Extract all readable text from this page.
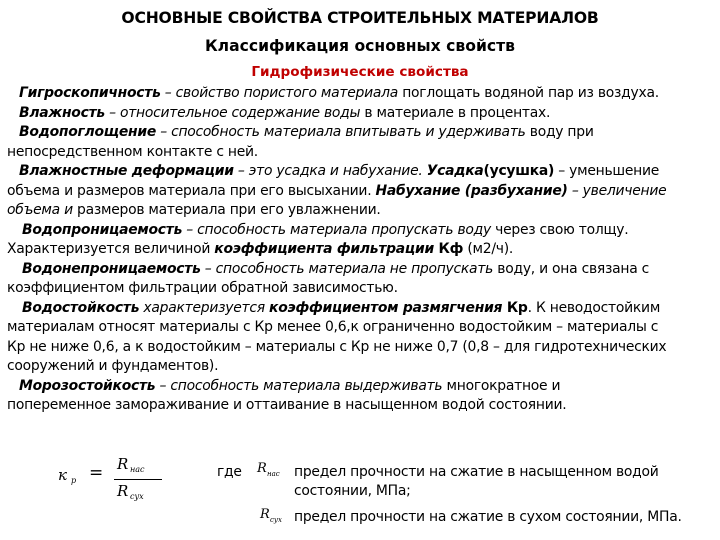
ОСНОВНЫЕ СВОЙСТВА СТРОИТЕЛЬНЫХ МАТЕРИАЛОВ
Классификация основных свойств
Гидрофизические свойства
Гигроскопичность – свойство пористого материала поглощать водяной пар из воздуха.
Влажность – относительное содержание воды в материале в процентах.
Водопоглощение – способность материала впитывать и удерживать воду при
непосредственном контакте с ней.
Влажностные деформации – это усадка и набухание. Усадка(усушка) – уменьшение
объема и размеров материала при его высыхании. Набухание (разбухание) – увеличение
объема и размеров материала при его увлажнении.
Водопроницаемость – способность материала пропускать воду через свою толщу.
Характеризуется величиной коэффициента фильтрации Кф (м2/ч).
Водонепроницаемость – способность материала не пропускать воду, и она связана с
коэффициентом фильтрации обратной зависимостью.
Водостойкость характеризуется коэффициентом размягчения Кр. К неводостойким
материалам относят материалы с Кр менее 0,6,к ограниченно водостойким – материалы с
Кр не ниже 0,6, а к водостойким – материалы с Кр не ниже 0,7 (0,8 – для гидротехнических
сооружений и фундаментов).
Морозостойкость – способность материала выдерживать многократное и
попеременное замораживание и оттаивание в насыщенном водой состоянии.
к р = R нас
R сух
где R нас предел прочности на сжатие в насыщенном водой
состоянии, МПа;
R сух предел прочности на сжатие в сухом состоянии, МПа.
